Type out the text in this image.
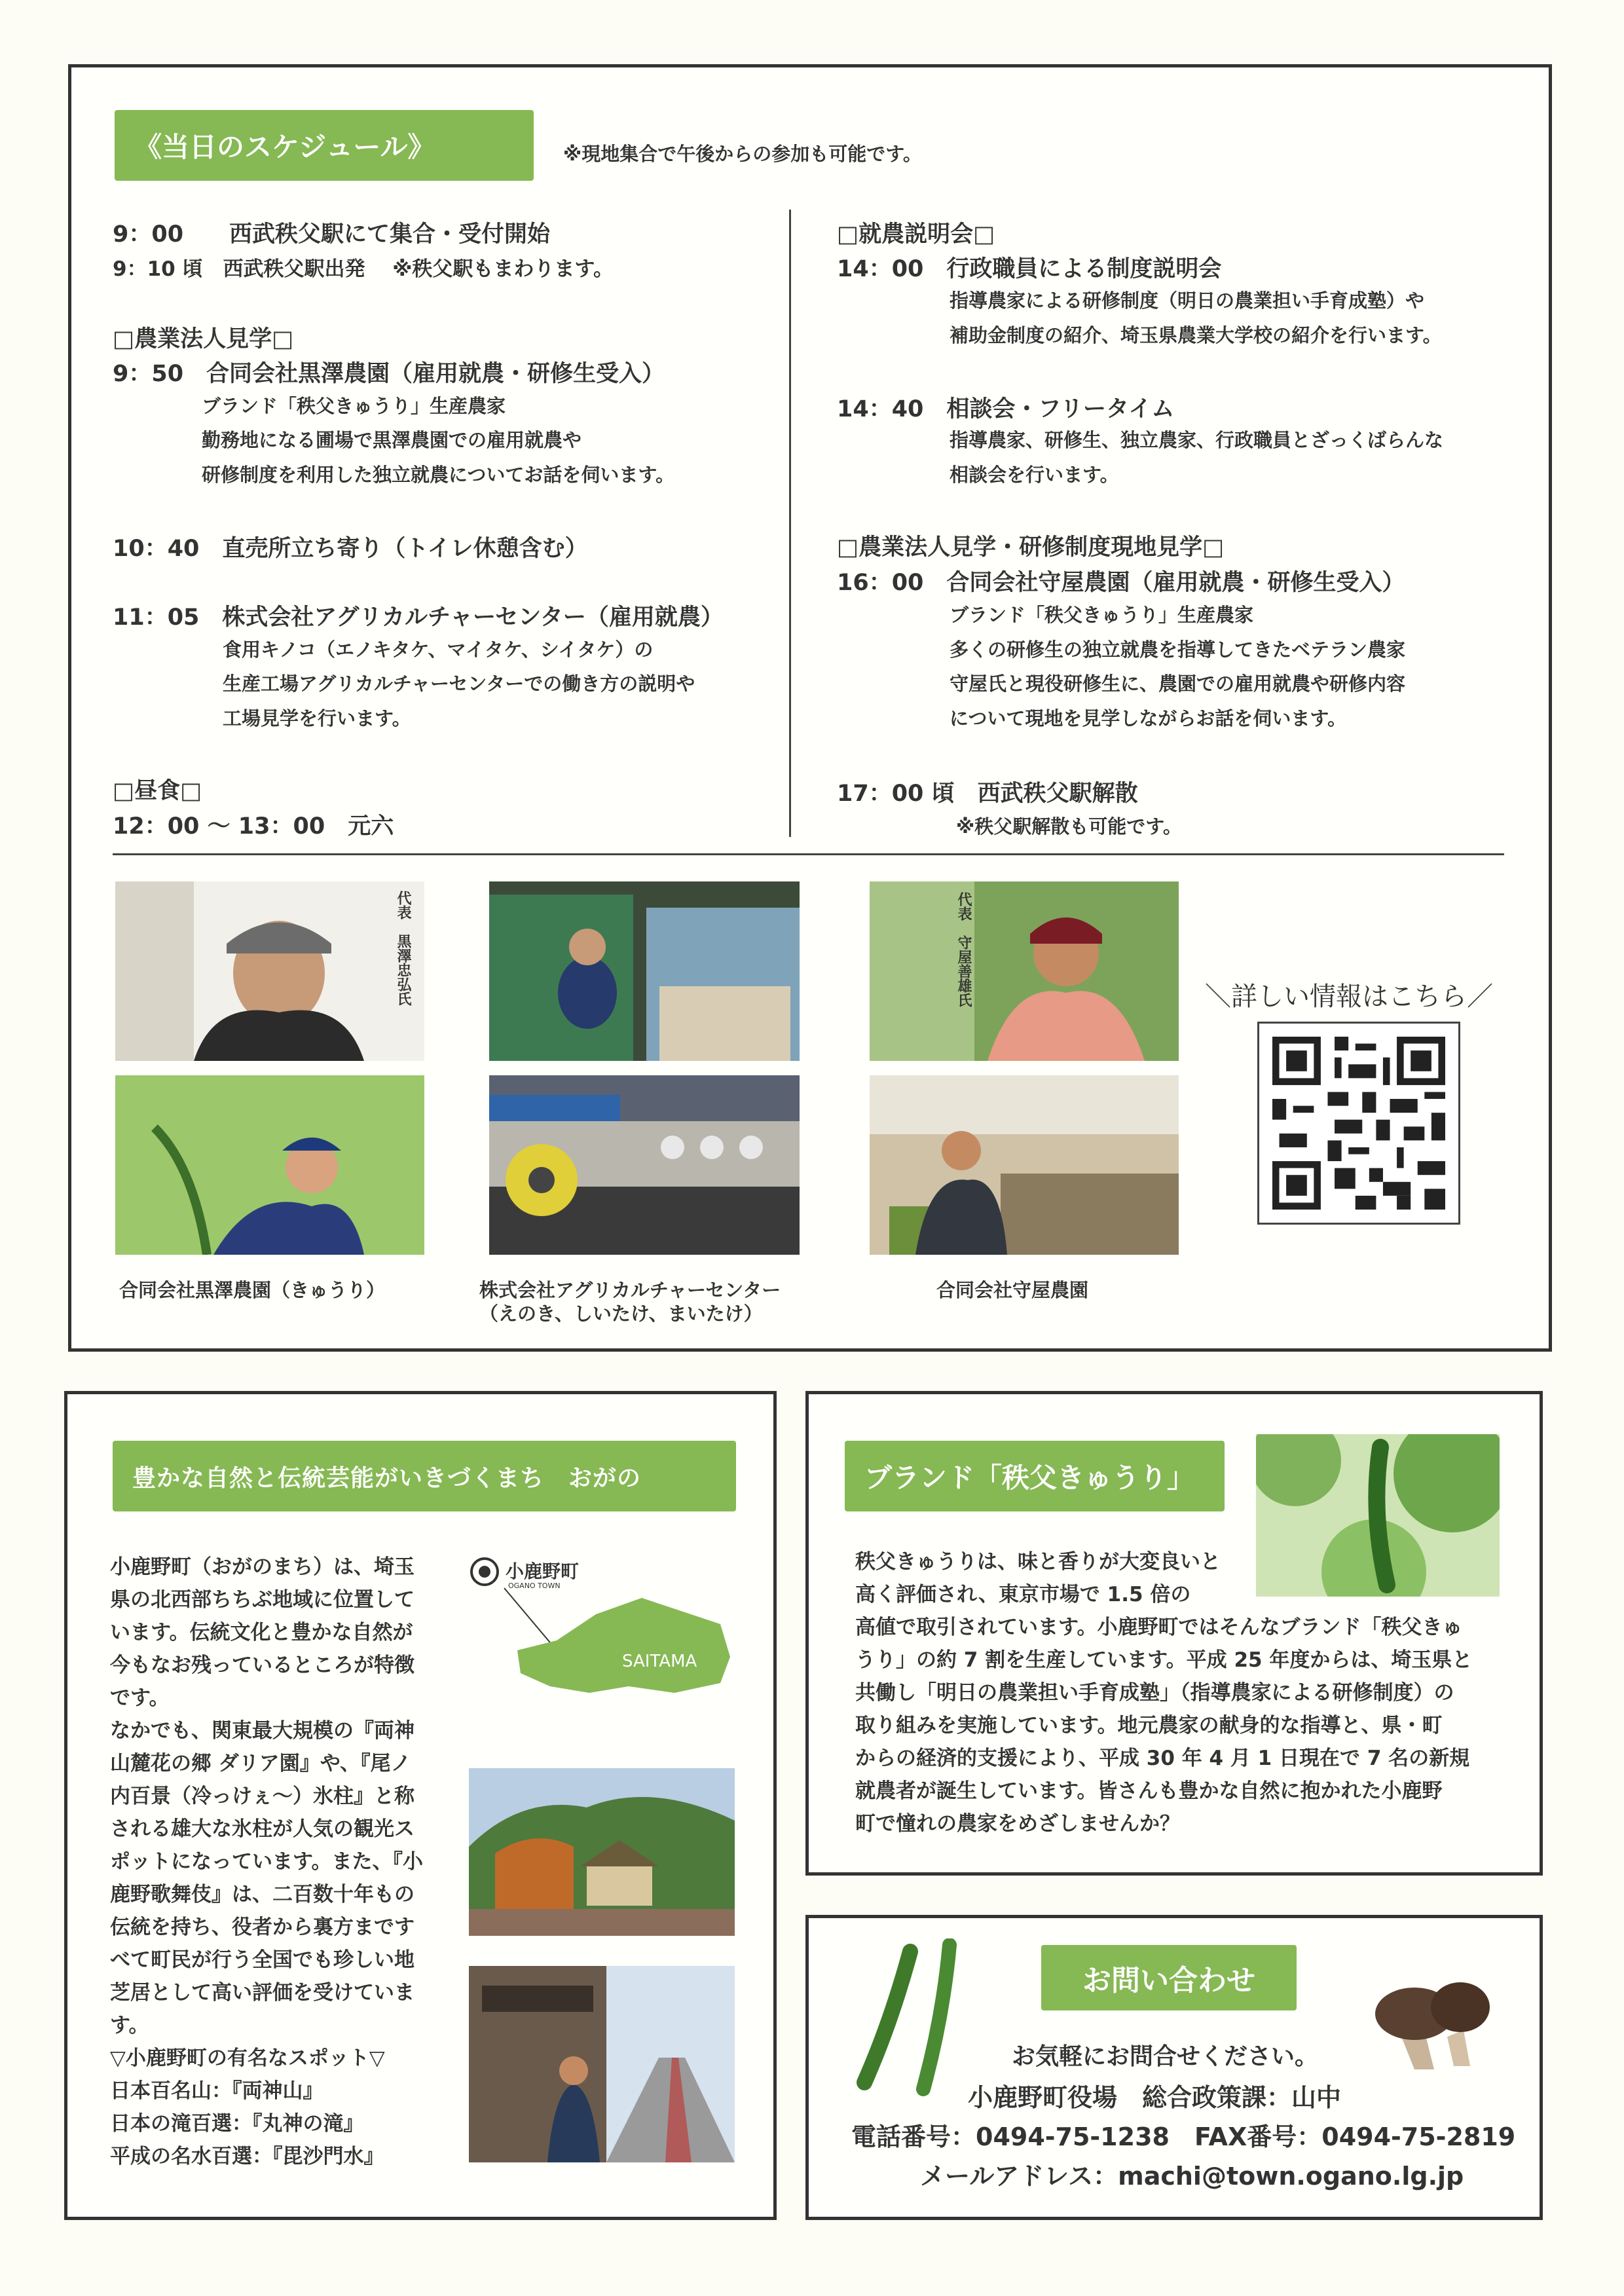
《当日のスケジュール》	※現地集合で午後からの参加も可能です。
9：00　　西武秩父駅にて集合・受付開始
9：10 頃　西武秩父駅出発　 ※秩父駅もまわります。
□農業法人見学□
9：50　合同会社黒澤農園（雇用就農・研修生受入）
ブランド「秩父きゅうり」生産農家
勤務地になる圃場で黒澤農園での雇用就農や
研修制度を利用した独立就農についてお話を伺います。
10：40　直売所立ち寄り（トイレ休憩含む）
11：05　株式会社アグリカルチャーセンター（雇用就農）
食用キノコ（エノキタケ、マイタケ、シイタケ）の
生産工場アグリカルチャーセンターでの働き方の説明や
工場見学を行います。
□昼食□
12：00 ～ 13：00　元六
□就農説明会□
14：00　行政職員による制度説明会
指導農家による研修制度（明日の農業担い手育成塾）や
補助金制度の紹介、埼玉県農業大学校の紹介を行います。
14：40　相談会・フリータイム
指導農家、研修生、独立農家、行政職員とざっくばらんな
相談会を行います。
□農業法人見学・研修制度現地見学□
16：00　合同会社守屋農園（雇用就農・研修生受入）
ブランド「秩父きゅうり」生産農家
多くの研修生の独立就農を指導してきたベテラン農家
守屋氏と現役研修生に、農園での雇用就農や研修内容
について現地を見学しながらお話を伺います。
17：00 頃　西武秩父駅解散
※秩父駅解散も可能です。
代表　黒澤忠弘氏	代表　守屋善雄氏
合同会社黒澤農園（きゅうり）	株式会社アグリカルチャーセンター
（えのき、しいたけ、まいたけ）
合同会社守屋農園
＼詳しい情報はこちら／
豊かな自然と伝統芸能がいきづくまち　おがの
小鹿野町（おがのまち）は、埼玉
県の北西部ちちぶ地域に位置して
います。伝統文化と豊かな自然が
今もなお残っているところが特徴
です。
なかでも、関東最大規模の『両神
山麓花の郷 ダリア園』や、『尾ノ
内百景（冷っけぇ～）氷柱』と称
される雄大な氷柱が人気の観光ス
ポットになっています。また、『小
鹿野歌舞伎』は、二百数十年もの
伝統を持ち、役者から裏方まです
べて町民が行う全国でも珍しい地
芝居として高い評価を受けていま
す。
▽小鹿野町の有名なスポット▽
日本百名山：『両神山』
日本の滝百選：『丸神の滝』
平成の名水百選：『毘沙門水』
小鹿野町
OGANO TOWN
SAITAMA
ブランド「秩父きゅうり」
秩父きゅうりは、味と香りが大変良いと
高く評価され、東京市場で 1.5 倍の
高値で取引されています。小鹿野町ではそんなブランド「秩父きゅ
うり」の約 7 割を生産しています。平成 25 年度からは、埼玉県と
共働し「明日の農業担い手育成塾」（指導農家による研修制度）の
取り組みを実施しています。地元農家の献身的な指導と、県・町
からの経済的支援により、平成 30 年 4 月 1 日現在で 7 名の新規
就農者が誕生しています。皆さんも豊かな自然に抱かれた小鹿野
町で憧れの農家をめざしませんか？
お問い合わせ
お気軽にお問合せください。
小鹿野町役場　総合政策課：山中
電話番号：0494-75-1238　FAX番号：0494-75-2819
メールアドレス：machi@town.ogano.lg.jp
